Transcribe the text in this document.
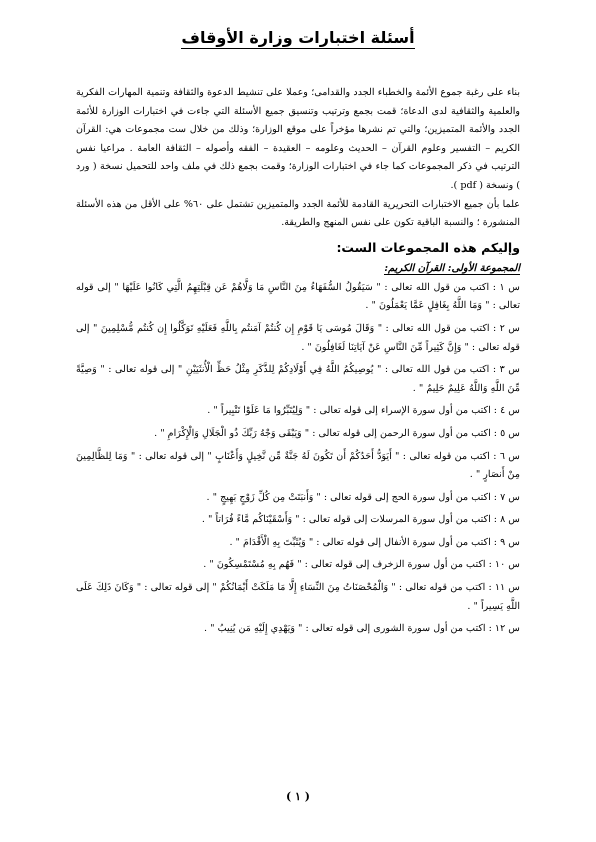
أسئلة اختبارات وزارة الأوقاف

بناء على رغبة جموع الأئمة والخطباء الجدد والقدامى؛ وعملا على تنشيط الدعوة والثقافة وتنمية المهارات الفكرية والعلمية والثقافية لدى الدعاة؛ قمت بجمع وترتيب وتنسيق جميع الأسئلة التي جاءت في اختبارات الوزارة للأئمة الجدد والأئمة المتميزين؛ والتي تم نشرها مؤخراً على موقع الوزارة؛ وذلك من خلال ست مجموعات هي: القرآن الكريم – التفسير وعلوم القرآن – الحديث وعلومه – العقيدة – الفقه وأصوله – الثقافة العامة . مراعيا نفس الترتيب في ذكر المجموعات كما جاء في اختبارات الوزارة؛ وقمت بجمع ذلك في ملف واحد للتحميل نسخة ( ورد ) ونسخة ( pdf ).

علما بأن جميع الاختبارات التحريرية القادمة للأئمة الجدد والمتميزين تشتمل على ٦٠% على الأقل من هذه الأسئلة المنشورة ؛ والنسبة الباقية تكون على نفس المنهج والطريقة.

وإليكم هذه المجموعات الست:

المجموعة الأولى: القرآن الكريم:

س ١ : اكتب من قول الله تعالى : " سَيَقُولُ السُّفَهَاءُ مِنَ النَّاسِ مَا وَلَّاهُمْ عَن قِبْلَتِهِمُ الَّتِي كَانُوا عَلَيْهَا " إلى قوله تعالى : " وَمَا اللَّهُ بِغَافِلٍ عَمَّا يَعْمَلُونَ " .

س ٢ : اكتب من قول الله تعالى : " وَقَالَ مُوسَى يَا قَوْمِ إِن كُنتُمْ آمَنتُم بِاللَّهِ فَعَلَيْهِ تَوَكَّلُوا إِن كُنتُم مُّسْلِمِينَ " إلى قوله تعالى : " وَإِنَّ كَثِيراً مِّنَ النَّاسِ عَنْ آيَاتِنَا لَغَافِلُونَ " .

س ٣ : اكتب من قول الله تعالى : " يُوصِيكُمُ اللَّهُ فِي أَوْلَادِكُمْ لِلذَّكَرِ مِثْلُ حَظِّ الْأُنثَيَيْنِ " إلى قوله تعالى : " وَصِيَّةً مِّنَ اللَّهِ وَاللَّهُ عَلِيمٌ حَلِيمٌ " .

س ٤ : اكتب من أول سورة الإسراء إلى قوله تعالى : " وَلِيُتَبِّرُوا مَا عَلَوْا تَتْبِيراً " .

س ٥ : اكتب من أول سورة الرحمن إلى قوله تعالى : " وَيَبْقَى وَجْهُ رَبِّكَ ذُو الْجَلَالِ وَالْإِكْرَامِ " .

س ٦ : اكتب من قوله تعالى : " أَيَوَدُّ أَحَدُكُمْ أَن تَكُونَ لَهُ جَنَّةٌ مِّن نَّخِيلٍ وَأَعْنَابٍ " إلى قوله تعالى : " وَمَا لِلظَّالِمِينَ مِنْ أَنصَارٍ " .

س ٧ : اكتب من أول سورة الحج إلى قوله تعالى : " وَأَنبَتَتْ مِن كُلِّ زَوْجٍ بَهِيجٍ " .

س ٨ : اكتب من أول سورة المرسلات إلى قوله تعالى : " وَأَسْقَيْنَاكُم مَّاءً فُرَاتاً " .

س ٩ : اكتب من أول سورة الأنفال إلى قوله تعالى : " وَيُثَبِّتَ بِهِ الْأَقْدَامَ " .

س ١٠ : اكتب من أول سورة الزخرف إلى قوله تعالى : " فَهُم بِهِ مُسْتَمْسِكُونَ " .

س ١١ : اكتب من قوله تعالى : " وَالْمُحْصَنَاتُ مِنَ النِّسَاءِ إِلَّا مَا مَلَكَتْ أَيْمَانُكُمْ " إلى قوله تعالى : " وَكَانَ ذَلِكَ عَلَى اللَّهِ يَسِيراً " .

س ١٢ : اكتب من أول سورة الشورى إلى قوله تعالى : " وَيَهْدِي إِلَيْهِ مَن يُنِيبُ " .

( ١ )
